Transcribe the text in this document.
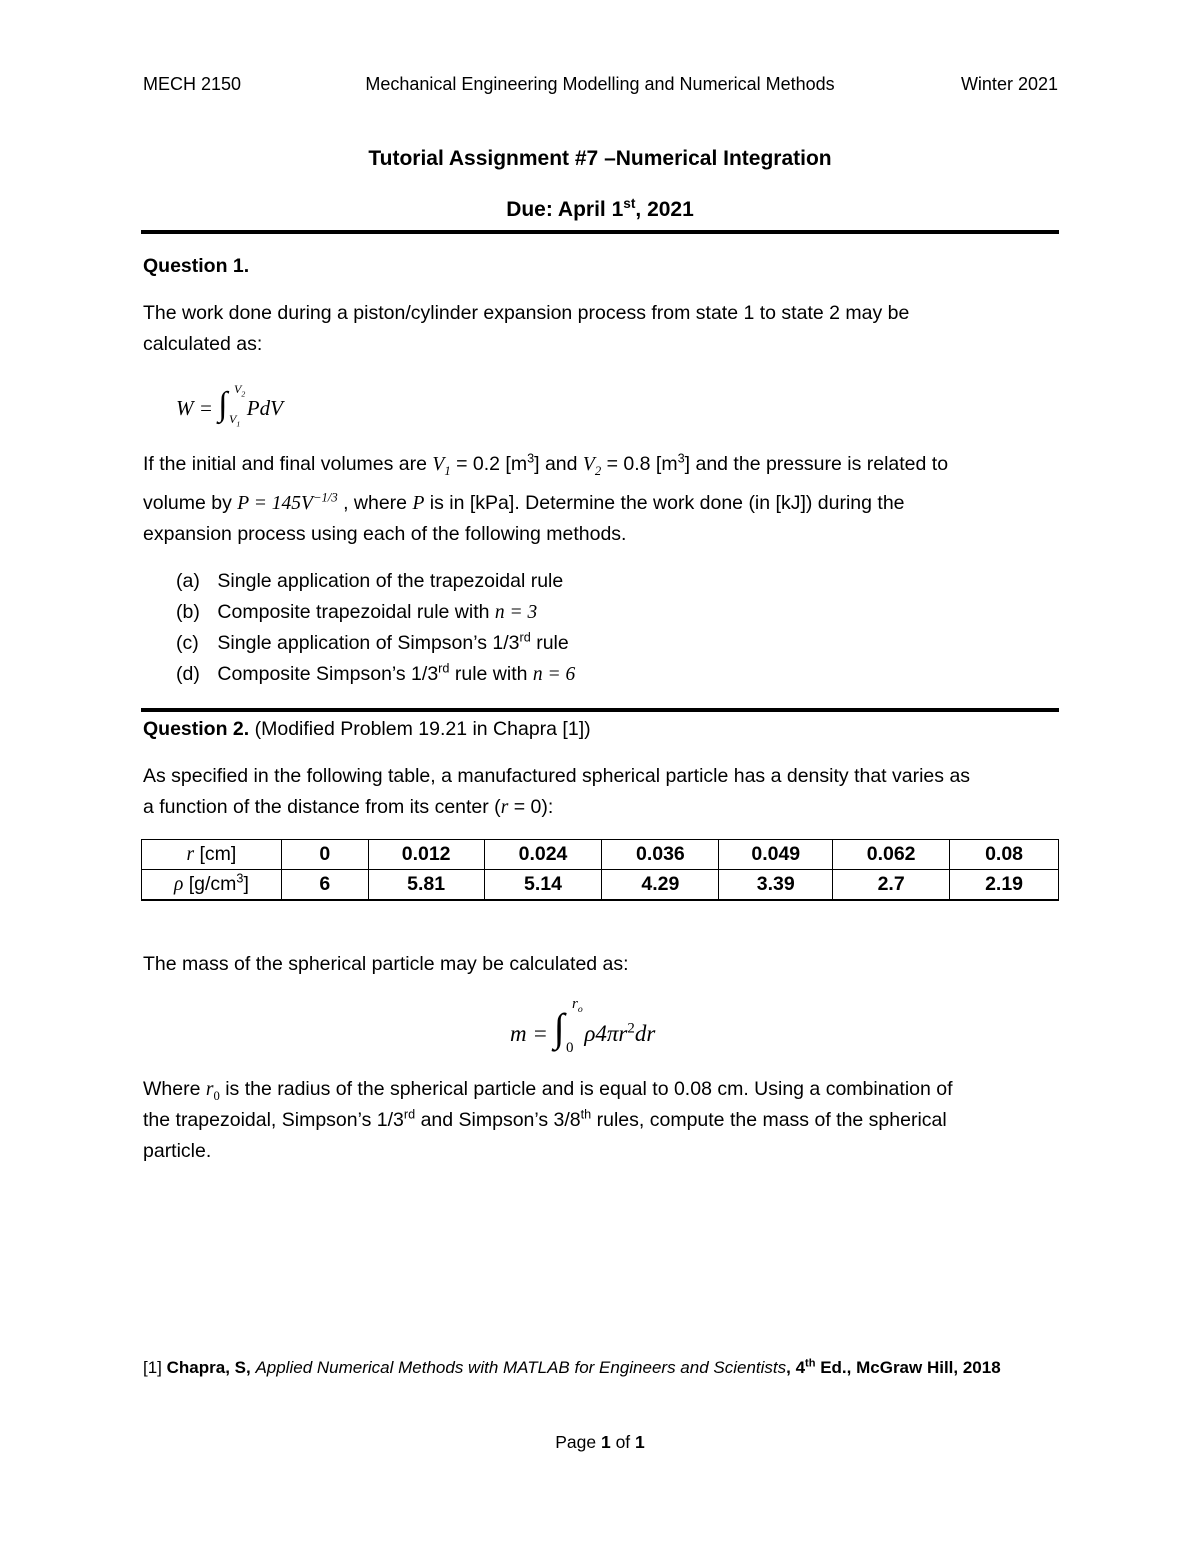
MECH 2150	Mechanical Engineering Modelling and Numerical Methods	Winter 2021
Tutorial Assignment #7 –Numerical Integration
Due: April 1st, 2021
Question 1.
The work done during a piston/cylinder expansion process from state 1 to state 2 may be
calculated as:
W = ∫ PdV
$V_2$
$V_1$
If the initial and final volumes are $V_1 = 0.2$ $[m^3]$ and $V_2 = 0.8$ $[m^3]$ and the pressure is related to
volume by $P = 145V^{-1/3}$ , where P is in [kPa]. Determine the work done (in [kJ]) during the
expansion process using each of the following methods.
(a) Single application of the trapezoidal rule
(b) Composite trapezoidal rule with n = 3
(c) Single application of Simpson’s 1/3rd rule
(d) Composite Simpson’s 1/3rd rule with n = 6
Question 2. (Modified Problem 19.21 in Chapra [1])
As specified in the following table, a manufactured spherical particle has a density that varies as
a function of the distance from its center (r = 0):
r [cm]	0	0.012	0.024	0.036	0.049	0.062	0.08
ρ $[g/cm^3]$	6	5.81	5.14	4.29	3.39	2.7	2.19
The mass of the spherical particle may be calculated as:
m = ∫ $\rho 4\pi r^2dr$
$r_o$
0
Where $r_0$ is the radius of the spherical particle and is equal to 0.08 cm. Using a combination of
the trapezoidal, Simpson’s 1/3rd and Simpson’s 3/8th rules, compute the mass of the spherical
particle.
[1] Chapra, S, Applied Numerical Methods with MATLAB for Engineers and Scientists, 4th Ed., McGraw Hill, 2018
Page 1 of 1
